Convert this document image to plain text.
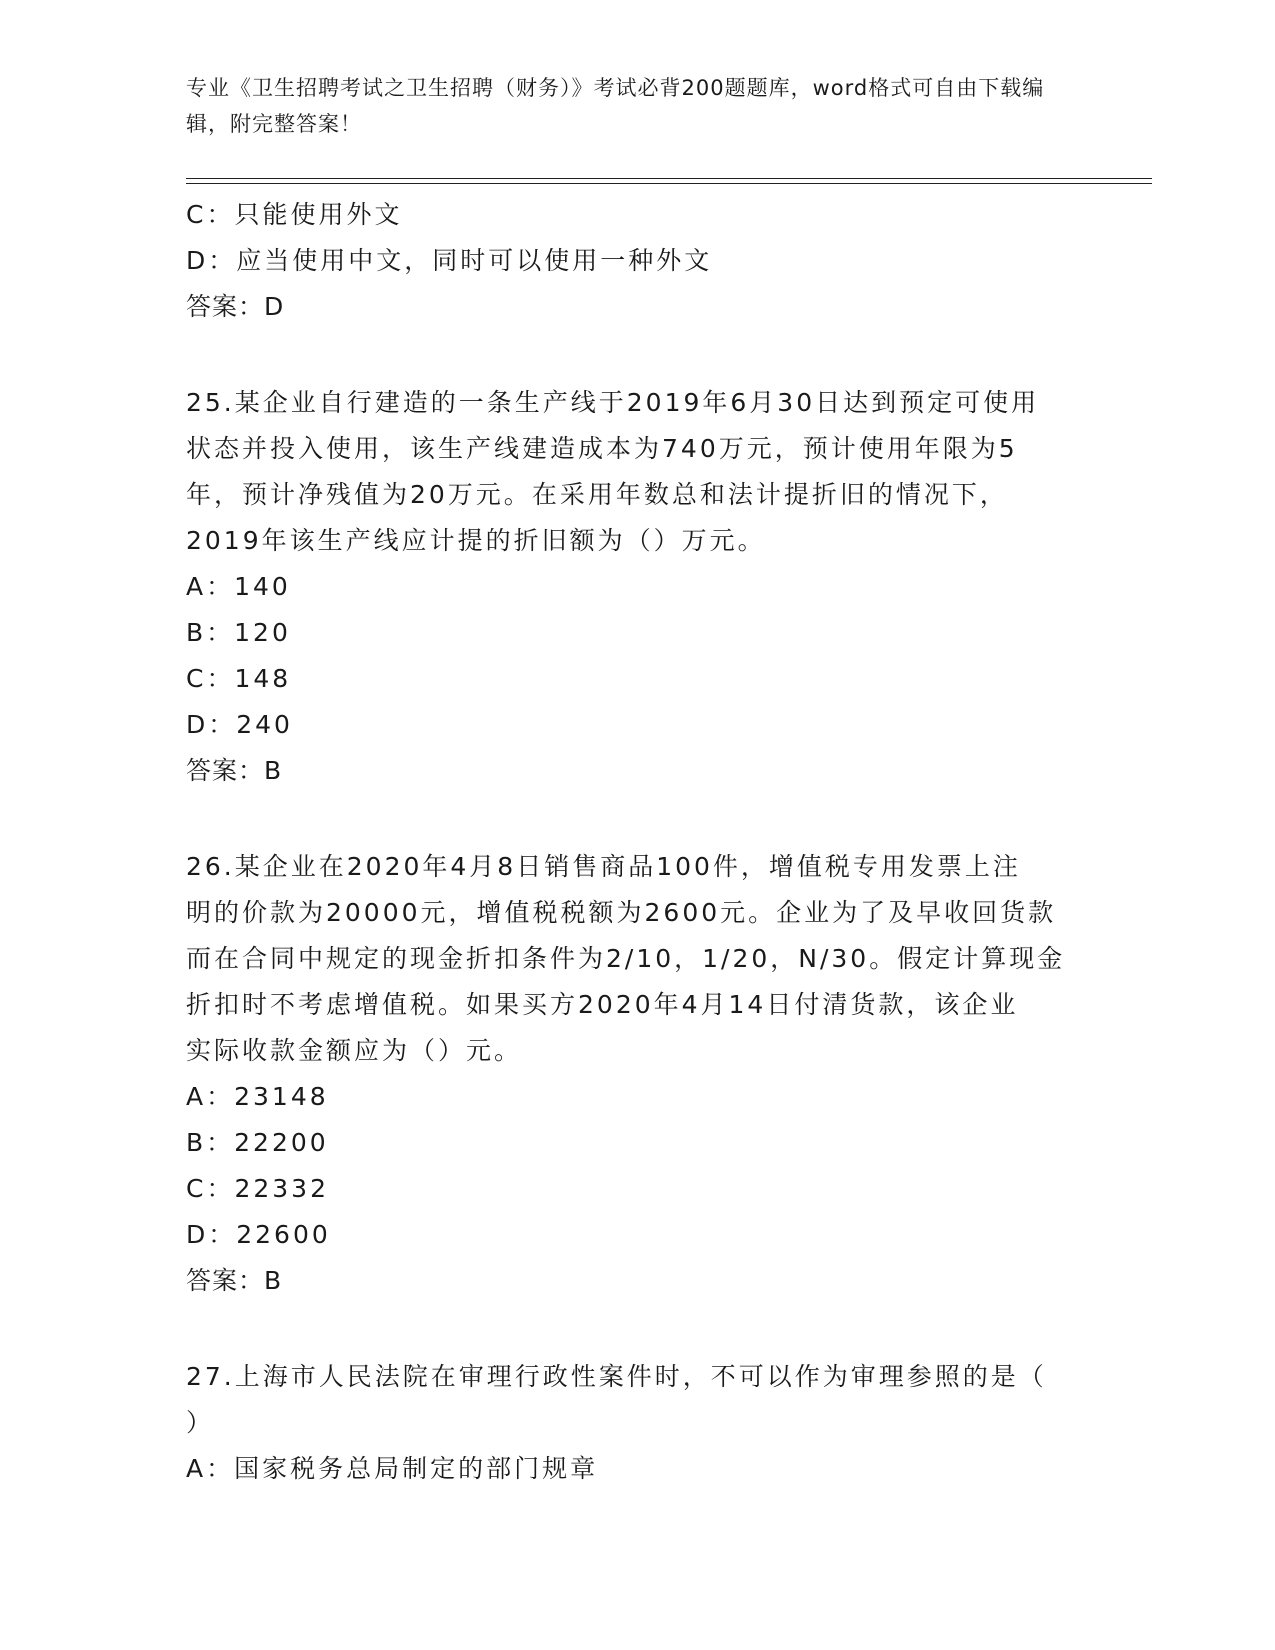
专业《卫生招聘考试之卫生招聘（财务）》考试必背200题题库，word格式可自由下载编辑，附完整答案！
C：只能使用外文
D：应当使用中文，同时可以使用一种外文
答案：D
25.某企业自行建造的一条生产线于2019年6月30日达到预定可使用
状态并投入使用，该生产线建造成本为740万元，预计使用年限为5
年，预计净残值为20万元。在采用年数总和法计提折旧的情况下，
2019年该生产线应计提的折旧额为（）万元。
A：140
B：120
C：148
D：240
答案：B
26.某企业在2020年4月8日销售商品100件，增值税专用发票上注
明的价款为20000元，增值税税额为2600元。企业为了及早收回货款
而在合同中规定的现金折扣条件为2/10，1/20，N/30。假定计算现金
折扣时不考虑增值税。如果买方2020年4月14日付清货款，该企业
实际收款金额应为（）元。
A：23148
B：22200
C：22332
D：22600
答案：B
27.上海市人民法院在审理行政性案件时，不可以作为审理参照的是（
）
A：国家税务总局制定的部门规章
